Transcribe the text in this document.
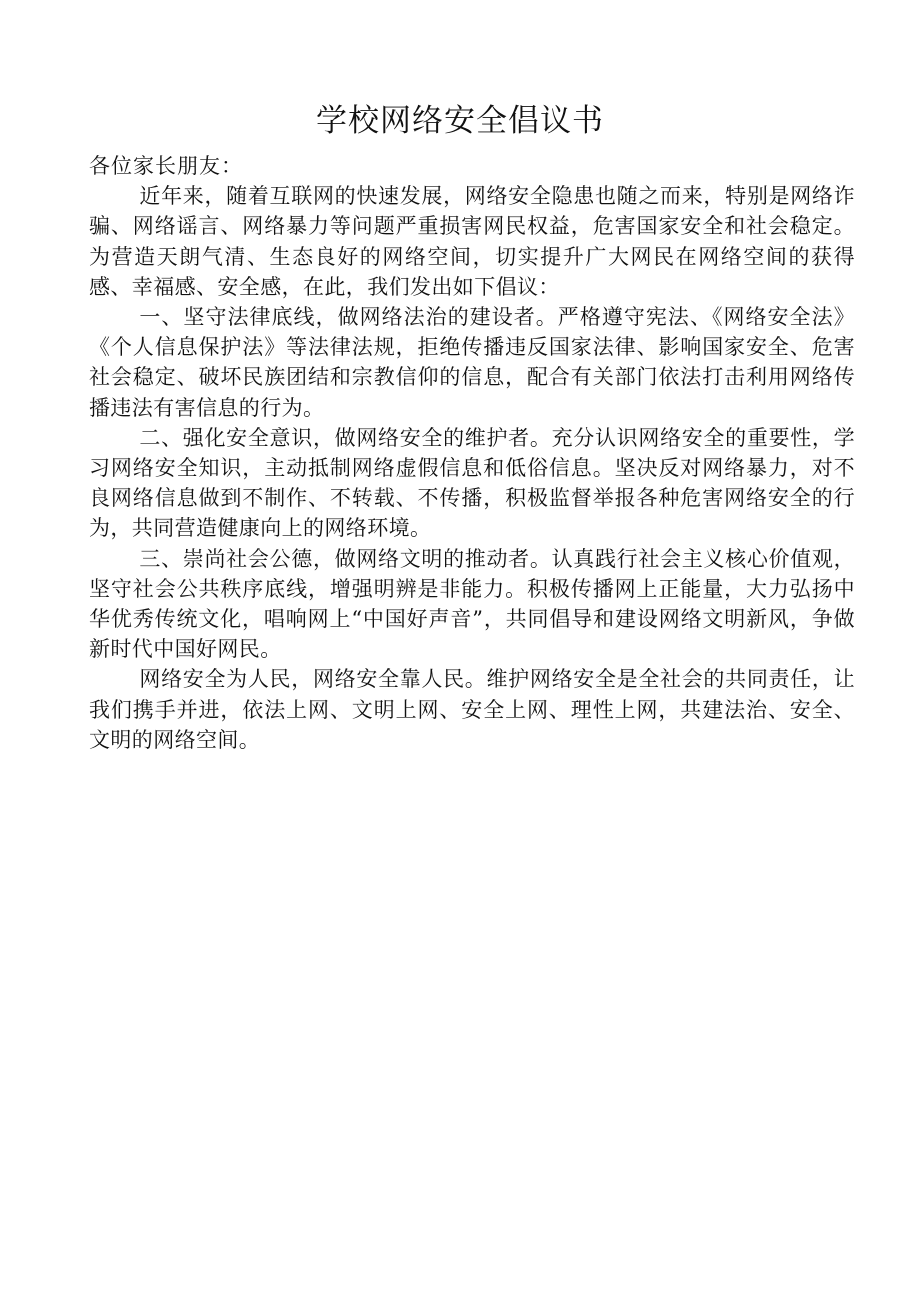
学校网络安全倡议书

各位家长朋友：

近年来，随着互联网的快速发展，网络安全隐患也随之而来，特别是网络诈骗、网络谣言、网络暴力等问题严重损害网民权益，危害国家安全和社会稳定。为营造天朗气清、生态良好的网络空间，切实提升广大网民在网络空间的获得感、幸福感、安全感，在此，我们发出如下倡议：

一、坚守法律底线，做网络法治的建设者。严格遵守宪法、《网络安全法》《个人信息保护法》等法律法规，拒绝传播违反国家法律、影响国家安全、危害社会稳定、破坏民族团结和宗教信仰的信息，配合有关部门依法打击利用网络传播违法有害信息的行为。

二、强化安全意识，做网络安全的维护者。充分认识网络安全的重要性，学习网络安全知识，主动抵制网络虚假信息和低俗信息。坚决反对网络暴力，对不良网络信息做到不制作、不转载、不传播，积极监督举报各种危害网络安全的行为，共同营造健康向上的网络环境。

三、崇尚社会公德，做网络文明的推动者。认真践行社会主义核心价值观，坚守社会公共秩序底线，增强明辨是非能力。积极传播网上正能量，大力弘扬中华优秀传统文化，唱响网上“中国好声音”，共同倡导和建设网络文明新风，争做新时代中国好网民。

网络安全为人民，网络安全靠人民。维护网络安全是全社会的共同责任，让我们携手并进，依法上网、文明上网、安全上网、理性上网，共建法治、安全、文明的网络空间。
